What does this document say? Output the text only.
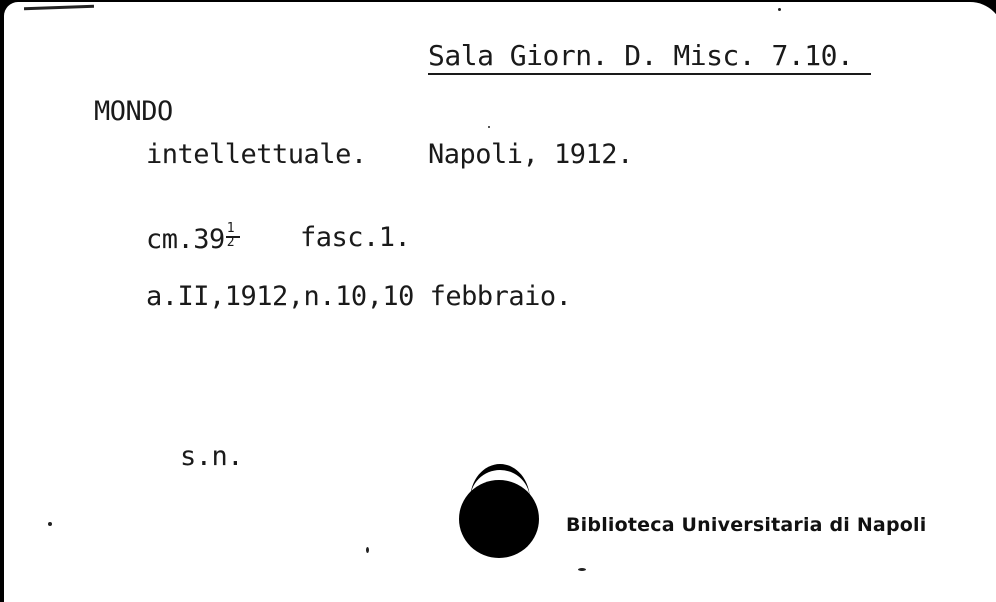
Sala Giorn. D. Misc. 7.10.
MONDO
intellettuale. Napoli, 1912.
$cm.39 \frac{1}{2}$ fasc.1.
a.II,1912,n.10,10 febbraio.
s.n.
Biblioteca Universitaria di Napoli
